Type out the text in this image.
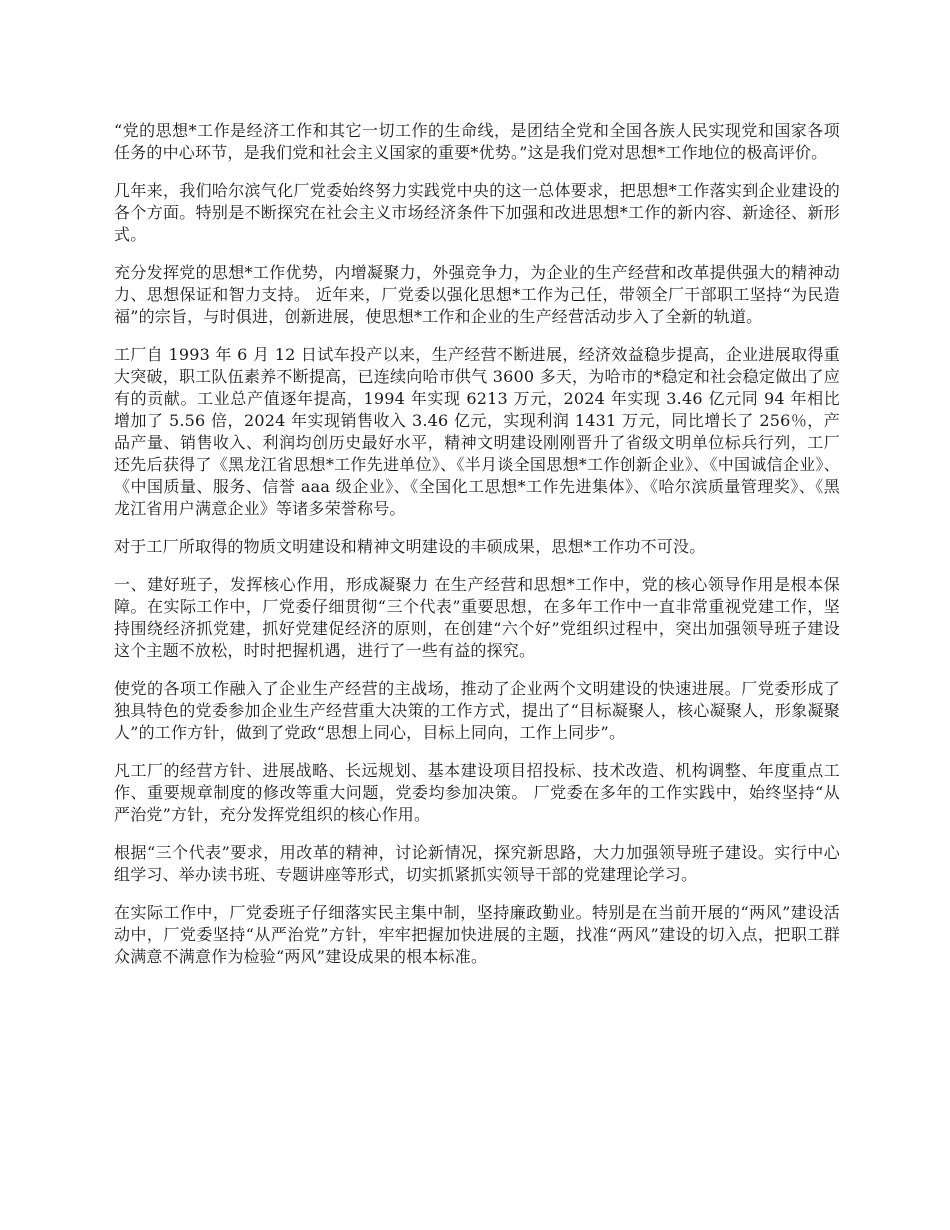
“党的思想*工作是经济工作和其它一切工作的生命线，是团结全党和全国各族人民实现党和国家各项任务的中心环节，是我们党和社会主义国家的重要*优势。”这是我们党对思想*工作地位的极高评价。

几年来，我们哈尔滨气化厂党委始终努力实践党中央的这一总体要求，把思想*工作落实到企业建设的各个方面。特别是不断探究在社会主义市场经济条件下加强和改进思想*工作的新内容、新途径、新形式。

充分发挥党的思想*工作优势，内增凝聚力，外强竞争力，为企业的生产经营和改革提供强大的精神动力、思想保证和智力支持。 近年来，厂党委以强化思想*工作为己任，带领全厂干部职工坚持“为民造福”的宗旨，与时俱进，创新进展，使思想*工作和企业的生产经营活动步入了全新的轨道。

工厂自 1993 年 6 月 12 日试车投产以来，生产经营不断进展，经济效益稳步提高，企业进展取得重大突破，职工队伍素养不断提高，已连续向哈市供气 3600 多天，为哈市的*稳定和社会稳定做出了应有的贡献。工业总产值逐年提高，1994 年实现 6213 万元，2024 年实现 3.46 亿元同 94 年相比增加了 5.56 倍，2024 年实现销售收入 3.46 亿元，实现利润 1431 万元，同比增长了 256％，产品产量、销售收入、利润均创历史最好水平，精神文明建设刚刚晋升了省级文明单位标兵行列，工厂还先后获得了《黑龙江省思想*工作先进单位》、《半月谈全国思想*工作创新企业》、《中国诚信企业》、《中国质量、服务、信誉 aaa 级企业》、《全国化工思想*工作先进集体》、《哈尔滨质量管理奖》、《黑龙江省用户满意企业》等诸多荣誉称号。

对于工厂所取得的物质文明建设和精神文明建设的丰硕成果，思想*工作功不可没。

一、建好班子，发挥核心作用，形成凝聚力 在生产经营和思想*工作中，党的核心领导作用是根本保障。在实际工作中，厂党委仔细贯彻“三个代表”重要思想，在多年工作中一直非常重视党建工作，坚持围绕经济抓党建，抓好党建促经济的原则，在创建“六个好”党组织过程中，突出加强领导班子建设这个主题不放松，时时把握机遇，进行了一些有益的探究。

使党的各项工作融入了企业生产经营的主战场，推动了企业两个文明建设的快速进展。厂党委形成了独具特色的党委参加企业生产经营重大决策的工作方式，提出了“目标凝聚人，核心凝聚人，形象凝聚人”的工作方针，做到了党政“思想上同心，目标上同向，工作上同步”。

凡工厂的经营方针、进展战略、长远规划、基本建设项目招投标、技术改造、机构调整、年度重点工作、重要规章制度的修改等重大问题，党委均参加决策。 厂党委在多年的工作实践中，始终坚持“从严治党”方针，充分发挥党组织的核心作用。

根据“三个代表”要求，用改革的精神，讨论新情况，探究新思路，大力加强领导班子建设。实行中心组学习、举办读书班、专题讲座等形式，切实抓紧抓实领导干部的党建理论学习。

在实际工作中，厂党委班子仔细落实民主集中制，坚持廉政勤业。特别是在当前开展的“两风”建设活动中，厂党委坚持“从严治党”方针，牢牢把握加快进展的主题，找准“两风”建设的切入点，把职工群众满意不满意作为检验“两风”建设成果的根本标准。
